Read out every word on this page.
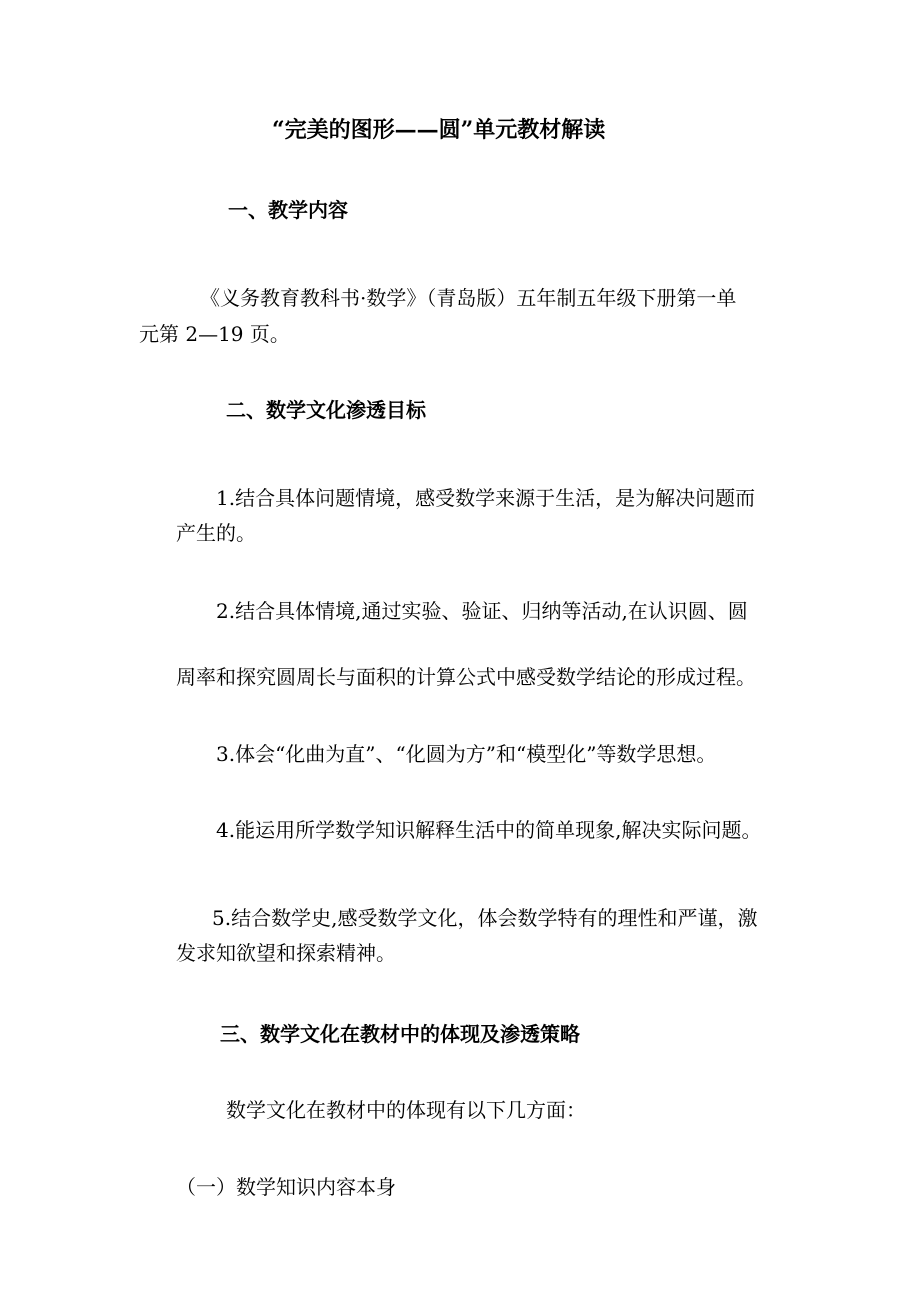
“完美的图形——圆”单元教材解读
一、教学内容

《义务教育教科书·数学》（青岛版）五年制五年级下册第一单

元第 2—19 页。

二、数学文化渗透目标

1.结合具体问题情境，感受数学来源于生活，是为解决问题而

产生的。

2.结合具体情境,通过实验、验证、归纳等活动,在认识圆、圆

周率和探究圆周长与面积的计算公式中感受数学结论的形成过程。

3.体会“化曲为直”、“化圆为方”和“模型化”等数学思想。

4.能运用所学数学知识解释生活中的简单现象,解决实际问题。

5.结合数学史,感受数学文化，体会数学特有的理性和严谨，激

发求知欲望和探索精神。

三、数学文化在教材中的体现及渗透策略

数学文化在教材中的体现有以下几方面：

（一）数学知识内容本身
